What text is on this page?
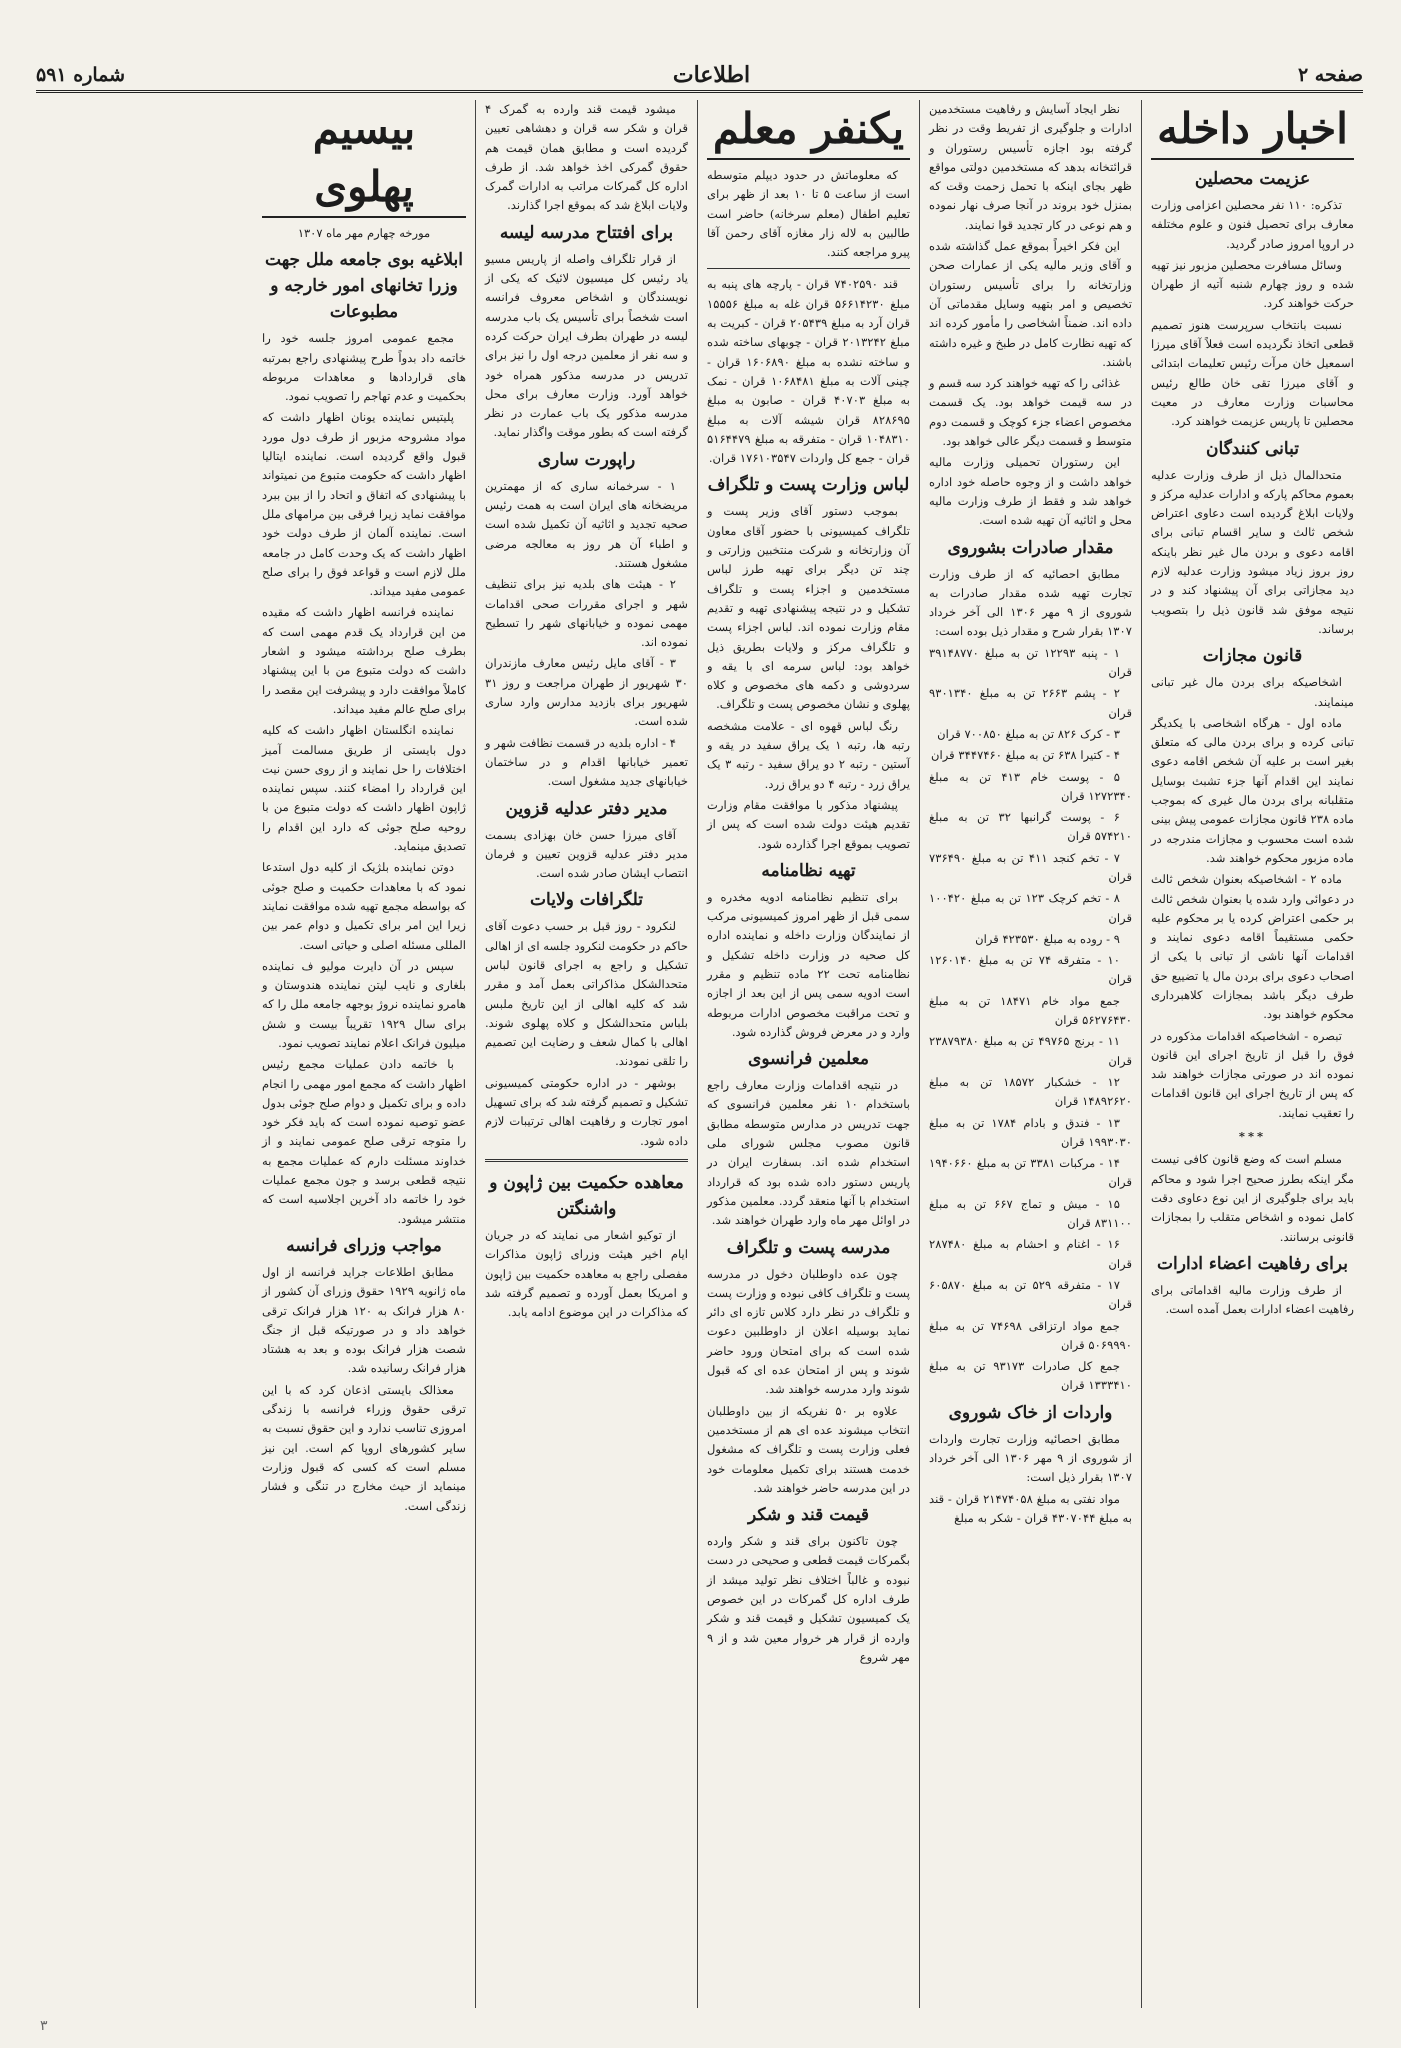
صفحه ۲
اطلاعات
شماره ۵۹۱
اخبار داخله
عزیمت محصلین

تذکره: ۱۱۰ نفر محصلین اعزامی وزارت معارف برای تحصیل فنون و علوم مختلفه در اروپا امروز صادر گردید.

وسائل مسافرت محصلین مزبور نیز تهیه شده و روز چهارم شنبه آتیه از طهران حرکت خواهند کرد.

نسبت بانتخاب سرپرست هنوز تصمیم قطعی اتخاذ نگردیده است فعلاً آقای میرزا اسمعیل خان مرآت رئیس تعلیمات ابتدائی و آقای میرزا تقی خان طالع رئیس محاسبات وزارت معارف در معیت محصلین تا پاریس عزیمت خواهند کرد.

تبانی کنندگان

متحدالمال ذیل از طرف وزارت عدلیه بعموم محاکم پارکه و ادارات عدلیه مرکز و ولایات ابلاغ گردیده است دعاوی اعتراض شخص ثالث و سایر اقسام تبانی برای اقامه دعوی و بردن مال غیر نظر باینکه روز بروز زیاد میشود وزارت عدلیه لازم دید مجازاتی برای آن پیشنهاد کند و در نتیجه موفق شد قانون ذیل را بتصویب برساند.

قانون مجازات

اشخاصیکه برای بردن مال غیر تبانی مینمایند.

ماده اول - هرگاه اشخاصی با یکدیگر تبانی کرده و برای بردن مالی که متعلق بغیر است بر علیه آن شخص اقامه دعوی نمایند این اقدام آنها جزء تشبث بوسایل متقلبانه برای بردن مال غیری که بموجب ماده ۲۳۸ قانون مجازات عمومی پیش بینی شده است محسوب و مجازات مندرجه در ماده مزبور محکوم خواهند شد.

ماده ۲ - اشخاصیکه بعنوان شخص ثالث در دعوائی وارد شده یا بعنوان شخص ثالث بر حکمی اعتراض کرده یا بر محکوم علیه حکمی مستقیماً اقامه دعوی نمایند و اقدامات آنها ناشی از تبانی با یکی از اصحاب دعوی برای بردن مال یا تضییع حق طرف دیگر باشد بمجازات کلاهبرداری محکوم خواهند بود.

تبصره - اشخاصیکه اقدامات مذکوره در فوق را قبل از تاریخ اجرای این قانون نموده اند در صورتی مجازات خواهند شد که پس از تاریخ اجرای این قانون اقدامات را تعقیب نمایند.

***

مسلم است که وضع قانون کافی نیست مگر اینکه بطرز صحیح اجرا شود و محاکم باید برای جلوگیری از این نوع دعاوی دقت کامل نموده و اشخاص متقلب را بمجازات قانونی برسانند.

برای رفاهیت اعضاء ادارات

از طرف وزارت مالیه اقداماتی برای رفاهیت اعضاء ادارات بعمل آمده است.

نظر ایجاد آسایش و رفاهیت مستخدمین ادارات و جلوگیری از تفریط وقت در نظر گرفته بود اجازه تأسیس رستوران و قرائتخانه بدهد که مستخدمین دولتی مواقع ظهر بجای اینکه با تحمل زحمت وقت که بمنزل خود بروند در آنجا صرف نهار نموده و هم نوعی در کار تجدید قوا نمایند.

این فکر اخیراً بموقع عمل گذاشته شده و آقای وزیر مالیه یکی از عمارات صحن وزارتخانه را برای تأسیس رستوران تخصیص و امر بتهیه وسایل مقدماتی آن داده اند. ضمناً اشخاصی را مأمور کرده اند که تهیه نظارت کامل در طبخ و غیره داشته باشند.

غذائی را که تهیه خواهند کرد سه قسم و در سه قیمت خواهد بود. یک قسمت مخصوص اعضاء جزء کوچک و قسمت دوم متوسط و قسمت دیگر عالی خواهد بود.

این رستوران تحمیلی وزارت مالیه خواهد داشت و از وجوه حاصله خود اداره خواهد شد و فقط از طرف وزارت مالیه محل و اثاثیه آن تهیه شده است.

مقدار صادرات بشوروی

مطابق احصائیه که از طرف وزارت تجارت تهیه شده مقدار صادرات به شوروی از ۹ مهر ۱۳۰۶ الی آخر خرداد ۱۳۰۷ بقرار شرح و مقدار ذیل بوده است:

۱ - پنبه ۱۲۲۹۳ تن به مبلغ ۳۹۱۴۸۷۷۰ قران

۲ - پشم ۲۶۶۳ تن به مبلغ ۹۳۰۱۳۴۰ قران

۳ - کرک ۸۲۶ تن به مبلغ ۷۰۰۸۵۰ قران

۴ - کتیرا ۶۳۸ تن به مبلغ ۳۴۴۷۴۶۰ قران

۵ - پوست خام ۴۱۳ تن به مبلغ ۱۲۷۲۳۴۰ قران

۶ - پوست گرانبها ۳۲ تن به مبلغ ۵۷۴۲۱۰ قران

۷ - تخم کنجد ۴۱۱ تن به مبلغ ۷۳۶۴۹۰ قران

۸ - تخم کرچک ۱۲۳ تن به مبلغ ۱۰۰۴۲۰ قران

۹ - روده به مبلغ ۴۲۳۵۳۰ قران

۱۰ - متفرقه ۷۴ تن به مبلغ ۱۲۶۰۱۴۰ قران

جمع مواد خام ۱۸۴۷۱ تن به مبلغ ۵۶۲۷۶۴۳۰ قران

۱۱ - برنج ۴۹۷۶۵ تن به مبلغ ۲۳۸۷۹۳۸۰ قران

۱۲ - خشکبار ۱۸۵۷۲ تن به مبلغ ۱۴۸۹۲۶۲۰ قران

۱۳ - فندق و بادام ۱۷۸۴ تن به مبلغ ۱۹۹۳۰۳۰ قران

۱۴ - مرکبات ۳۳۸۱ تن به مبلغ ۱۹۴۰۶۶۰ قران

۱۵ - میش و تماج ۶۶۷ تن به مبلغ ۸۳۱۱۰۰ قران

۱۶ - اغنام و احشام به مبلغ ۲۸۷۴۸۰ قران

۱۷ - متفرقه ۵۲۹ تن به مبلغ ۶۰۵۸۷۰ قران

جمع مواد ارتزاقی ۷۴۶۹۸ تن به مبلغ ۵۰۶۹۹۹۰ قران

جمع کل صادرات ۹۳۱۷۳ تن به مبلغ ۱۳۳۳۴۱۰ قران

واردات از خاک شوروی

مطابق احصائیه وزارت تجارت واردات از شوروی از ۹ مهر ۱۳۰۶ الی آخر خرداد ۱۳۰۷ بقرار ذیل است:

مواد نفتی به مبلغ ۲۱۴۷۴۰۵۸ قران - قند به مبلغ ۴۳۰۷۰۴۴ قران - شکر به مبلغ

یکنفر معلم

که معلوماتش در حدود دیپلم متوسطه است از ساعت ۵ تا ۱۰ بعد از ظهر برای تعلیم اطفال (معلم سرخانه) حاضر است طالبین به لاله زار مغازه آقای رحمن آقا پیرو مراجعه کنند.

قند ۷۴۰۲۵۹۰ قران - پارچه های پنبه به مبلغ ۵۶۶۱۴۲۳۰ قران غله به مبلغ ۱۵۵۵۶ قران آرد به مبلغ ۲۰۵۴۳۹ قران - کبریت به مبلغ ۲۰۱۳۲۴۲ قران - چوبهای ساخته شده و ساخته نشده به مبلغ ۱۶۰۶۸۹۰ قران - چینی آلات به مبلغ ۱۰۶۸۴۸۱ قران - نمک به مبلغ ۴۰۷۰۳ قران - صابون به مبلغ ۸۲۸۶۹۵ قران شیشه آلات به مبلغ ۱۰۴۸۳۱۰ قران - متفرقه به مبلغ ۵۱۶۴۴۷۹ قران - جمع کل واردات ۱۷۶۱۰۳۵۴۷ قران.

لباس وزارت پست و تلگراف

بموجب دستور آقای وزیر پست و تلگراف کمیسیونی با حضور آقای معاون آن وزارتخانه و شرکت منتخبین وزارتی و چند تن دیگر برای تهیه طرز لباس مستخدمین و اجزاء پست و تلگراف تشکیل و در نتیجه پیشنهادی تهیه و تقدیم مقام وزارت نموده اند. لباس اجزاء پست و تلگراف مرکز و ولایات بطریق ذیل خواهد بود: لباس سرمه ای با یقه و سردوشی و دکمه های مخصوص و کلاه پهلوی و نشان مخصوص پست و تلگراف.

رنگ لباس قهوه ای - علامت مشخصه رتبه ها، رتبه ۱ یک یراق سفید در یقه و آستین - رتبه ۲ دو یراق سفید - رتبه ۳ یک یراق زرد - رتبه ۴ دو یراق زرد.

پیشنهاد مذکور با موافقت مقام وزارت تقدیم هیئت دولت شده است که پس از تصویب بموقع اجرا گذارده شود.

تهیه نظامنامه

برای تنظیم نظامنامه ادویه مخدره و سمی قبل از ظهر امروز کمیسیونی مرکب از نمایندگان وزارت داخله و نماینده اداره کل صحیه در وزارت داخله تشکیل و نظامنامه تحت ۲۲ ماده تنظیم و مقرر است ادویه سمی پس از این بعد از اجازه و تحت مراقبت مخصوص ادارات مربوطه وارد و در معرض فروش گذارده شود.

معلمین فرانسوی

در نتیجه اقدامات وزارت معارف راجع باستخدام ۱۰ نفر معلمین فرانسوی که جهت تدریس در مدارس متوسطه مطابق قانون مصوب مجلس شورای ملی استخدام شده اند. بسفارت ایران در پاریس دستور داده شده بود که قرارداد استخدام با آنها منعقد گردد. معلمین مذکور در اوائل مهر ماه وارد طهران خواهند شد.

مدرسه پست و تلگراف

چون عده داوطلبان دخول در مدرسه پست و تلگراف کافی نبوده و وزارت پست و تلگراف در نظر دارد کلاس تازه ای دائر نماید بوسیله اعلان از داوطلبین دعوت شده است که برای امتحان ورود حاضر شوند و پس از امتحان عده ای که قبول شوند وارد مدرسه خواهند شد.

علاوه بر ۵۰ نفریکه از بین داوطلبان انتخاب میشوند عده ای هم از مستخدمین فعلی وزارت پست و تلگراف که مشغول خدمت هستند برای تکمیل معلومات خود در این مدرسه حاضر خواهند شد.

قیمت قند و شکر

چون تاکنون برای قند و شکر وارده بگمرکات قیمت قطعی و صحیحی در دست نبوده و غالباً اختلاف نظر تولید میشد از طرف اداره کل گمرکات در این خصوص یک کمیسیون تشکیل و قیمت قند و شکر وارده از قرار هر خروار معین شد و از ۹ مهر شروع

میشود قیمت قند وارده به گمرک ۴ قران و شکر سه قران و دهشاهی تعیین گردیده است و مطابق همان قیمت هم حقوق گمرکی اخذ خواهد شد. از طرف اداره کل گمرکات مراتب به ادارات گمرک ولایات ابلاغ شد که بموقع اجرا گذارند.

برای افتتاح مدرسه لیسه

از قرار تلگراف واصله از پاریس مسیو یاد رئیس کل میسیون لائیک که یکی از نویسندگان و اشخاص معروف فرانسه است شخصاً برای تأسیس یک باب مدرسه لیسه در طهران بطرف ایران حرکت کرده و سه نفر از معلمین درجه اول را نیز برای تدریس در مدرسه مذکور همراه خود خواهد آورد. وزارت معارف برای محل مدرسه مذکور یک باب عمارت در نظر گرفته است که بطور موقت واگذار نماید.

راپورت ساری

۱ - سرخمانه ساری که از مهمترین مریضخانه های ایران است به همت رئیس صحیه تجدید و اثاثیه آن تکمیل شده است و اطباء آن هر روز به معالجه مرضی مشغول هستند.

۲ - هیئت های بلدیه نیز برای تنظیف شهر و اجرای مقررات صحی اقدامات مهمی نموده و خیابانهای شهر را تسطیح نموده اند.

۳ - آقای مایل رئیس معارف مازندران ۳۰ شهریور از طهران مراجعت و روز ۳۱ شهریور برای بازدید مدارس وارد ساری شده است.

۴ - اداره بلدیه در قسمت نظافت شهر و تعمیر خیابانها اقدام و در ساختمان خیابانهای جدید مشغول است.

مدیر دفتر عدلیه قزوین

آقای میرزا حسن خان بهزادی بسمت مدیر دفتر عدلیه قزوین تعیین و فرمان انتصاب ایشان صادر شده است.

تلگرافات ولایات

لنکرود - روز قبل بر حسب دعوت آقای حاکم در حکومت لنکرود جلسه ای از اهالی تشکیل و راجع به اجرای قانون لباس متحدالشکل مذاکراتی بعمل آمد و مقرر شد که کلیه اهالی از این تاریخ ملبس بلباس متحدالشکل و کلاه پهلوی شوند. اهالی با کمال شعف و رضایت این تصمیم را تلقی نمودند.

بوشهر - در اداره حکومتی کمیسیونی تشکیل و تصمیم گرفته شد که برای تسهیل امور تجارت و رفاهیت اهالی ترتیبات لازم داده شود.

معاهده حکمیت بین ژاپون و واشنگتن

از توکیو اشعار می نمایند که در جریان ایام اخیر هیئت وزرای ژاپون مذاکرات مفصلی راجع به معاهده حکمیت بین ژاپون و امریکا بعمل آورده و تصمیم گرفته شد که مذاکرات در این موضوع ادامه یابد.

بیسیم پهلوی
مورخه چهارم مهر ماه ۱۳۰۷
ابلاغیه بوی جامعه ملل جهت وزرا تخانهای امور خارجه و مطبوعات

مجمع عمومی امروز جلسه خود را خاتمه داد بدواً طرح پیشنهادی راجع بمرتبه های قراردادها و معاهدات مربوطه بحکمیت و عدم تهاجم را تصویب نمود.

پلیتیس نماینده یونان اظهار داشت که مواد مشروحه مزبور از طرف دول مورد قبول واقع گردیده است. نماینده ایتالیا اظهار داشت که حکومت متبوع من نمیتواند با پیشنهادی که اتفاق و اتحاد را از بین ببرد موافقت نماید زیرا فرقی بین مرامهای ملل است. نماینده آلمان از طرف دولت خود اظهار داشت که یک وحدت کامل در جامعه ملل لازم است و قواعد فوق را برای صلح عمومی مفید میداند.

نماینده فرانسه اظهار داشت که مقیده من این قرارداد یک قدم مهمی است که بطرف صلح برداشته میشود و اشعار داشت که دولت متبوع من با این پیشنهاد کاملاً موافقت دارد و پیشرفت این مقصد را برای صلح عالم مفید میداند.

نماینده انگلستان اظهار داشت که کلیه دول بایستی از طریق مسالمت آمیز اختلافات را حل نمایند و از روی حسن نیت این قرارداد را امضاء کنند. سپس نماینده ژاپون اظهار داشت که دولت متبوع من با روحیه صلح جوئی که دارد این اقدام را تصدیق مینماید.

دوتن نماینده بلژیک از کلیه دول استدعا نمود که با معاهدات حکمیت و صلح جوئی که بواسطه مجمع تهیه شده موافقت نمایند زیرا این امر برای تکمیل و دوام عمر بین المللی مسئله اصلی و حیاتی است.

سپس در آن دایرت مولیو ف نماینده بلغاری و نایب لیتن نماینده هندوستان و هامرو نماینده نروژ بوجهه جامعه ملل را که برای سال ۱۹۲۹ تقریباً بیست و شش میلیون فرانک اعلام نمایند تصویب نمود.

با خاتمه دادن عملیات مجمع رئیس اظهار داشت که مجمع امور مهمی را انجام داده و برای تکمیل و دوام صلح جوئی بدول عضو توصیه نموده است که باید فکر خود را متوجه ترقی صلح عمومی نمایند و از خداوند مسئلت دارم که عملیات مجمع به نتیجه قطعی برسد و جون مجمع عملیات خود را خاتمه داد آخرین اجلاسیه است که منتشر میشود.

مواجب وزرای فرانسه

مطابق اطلاعات جراید فرانسه از اول ماه ژانویه ۱۹۲۹ حقوق وزرای آن کشور از ۸۰ هزار فرانک به ۱۲۰ هزار فرانک ترقی خواهد داد و در صورتیکه قبل از جنگ شصت هزار فرانک بوده و بعد به هشتاد هزار فرانک رسانیده شد.

معذالک بایستی اذعان کرد که با این ترقی حقوق وزراء فرانسه با زندگی امروزی تناسب ندارد و این حقوق نسبت به سایر کشورهای اروپا کم است. این نیز مسلم است که کسی که قبول وزارت مینماید از حیث مخارج در تنگی و فشار زندگی است.

۳
